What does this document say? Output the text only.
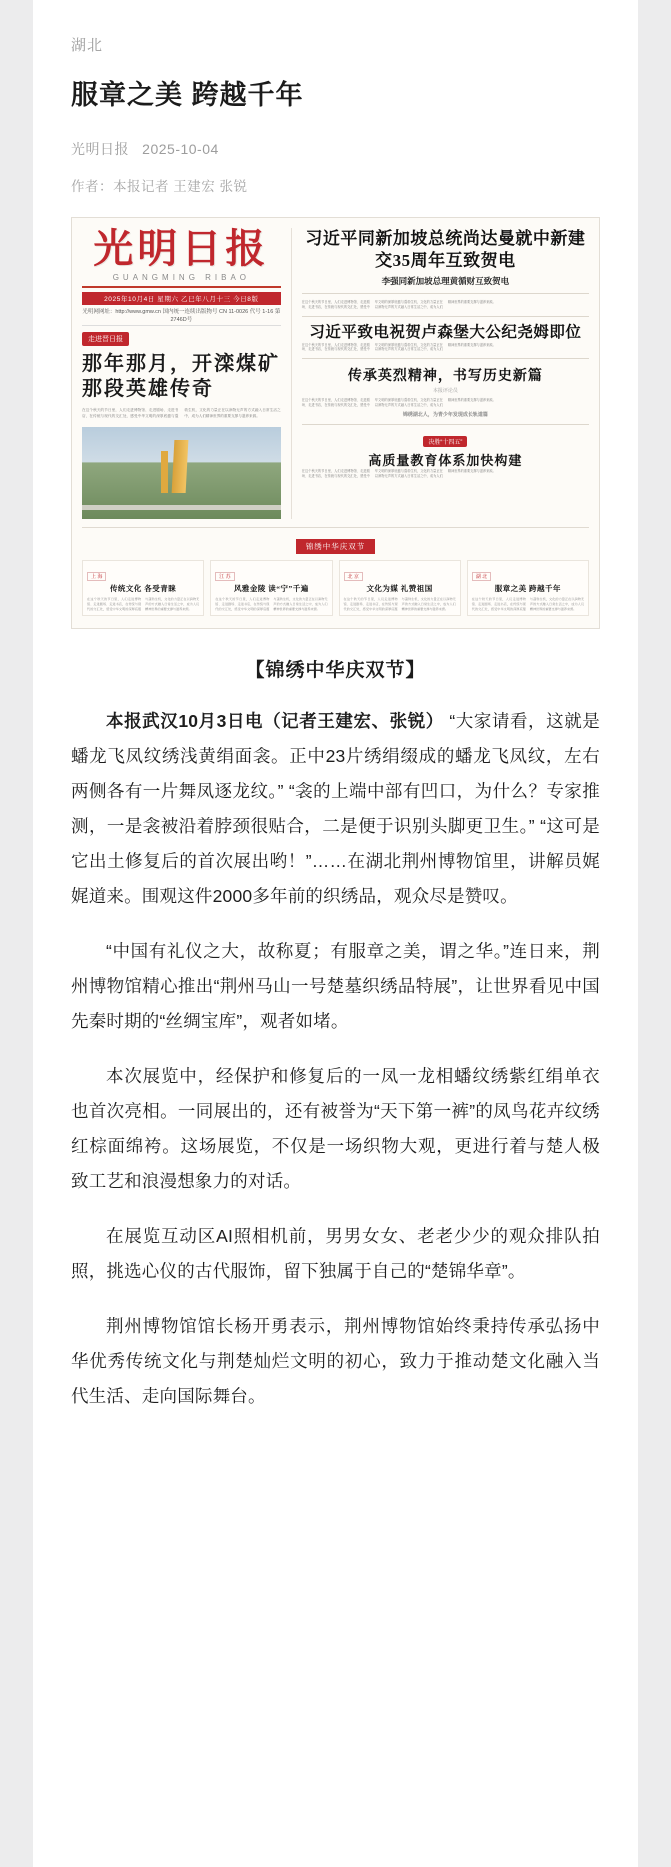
湖北
服章之美 跨越千年
光明日报 2025-10-04
作者：本报记者 王建宏 张锐
光明日报
GUANGMING RIBAO
2025年10月4日 星期六 乙巳年八月十三 今日8版
光明网网址：http://www.gmw.cn 国内统一连续出版物号 CN 11-0026 代号 1-16 第2746D号
走进晋日报
那年那月，开滦煤矿那段英雄传奇
在这个秋天的节日里，人们走进博物馆、走进剧场、走进书店，在传统与现代的交汇处，感受中华文明的深厚底蕴与蓬勃生机，文化的力量正在以润物无声的方式融入日常生活之中，成为人们精神世界的重要支撑与滋养来源。
习近平同新加坡总统尚达曼就中新建交35周年互致贺电
李强同新加坡总理黄循财互致贺电
在这个秋天的节日里，人们走进博物馆、走进剧场、走进书店，在传统与现代的交汇处，感受中华文明的深厚底蕴与蓬勃生机，文化的力量正在以润物无声的方式融入日常生活之中，成为人们精神世界的重要支撑与滋养来源。
习近平致电祝贺卢森堡大公纪尧姆即位
在这个秋天的节日里，人们走进博物馆、走进剧场、走进书店，在传统与现代的交汇处，感受中华文明的深厚底蕴与蓬勃生机，文化的力量正在以润物无声的方式融入日常生活之中，成为人们精神世界的重要支撑与滋养来源。
传承英烈精神，书写历史新篇
本报评论员
在这个秋天的节日里，人们走进博物馆、走进剧场、走进书店，在传统与现代的交汇处，感受中华文明的深厚底蕴与蓬勃生机，文化的力量正在以润物无声的方式融入日常生活之中，成为人们精神世界的重要支撑与滋养来源。
锦绣湖北人，为青少年发现成长轨道篇
决胜“十四五”
高质量教育体系加快构建
在这个秋天的节日里，人们走进博物馆、走进剧场、走进书店，在传统与现代的交汇处，感受中华文明的深厚底蕴与蓬勃生机，文化的力量正在以润物无声的方式融入日常生活之中，成为人们精神世界的重要支撑与滋养来源。
锦绣中华庆双节
上 海
传统文化 各受青睐
在这个秋天的节日里，人们走进博物馆、走进剧场、走进书店，在传统与现代的交汇处，感受中华文明的深厚底蕴与蓬勃生机，文化的力量正在以润物无声的方式融入日常生活之中，成为人们精神世界的重要支撑与滋养来源。
江 苏
风雅金陵 读“宁”千遍
在这个秋天的节日里，人们走进博物馆、走进剧场、走进书店，在传统与现代的交汇处，感受中华文明的深厚底蕴与蓬勃生机，文化的力量正在以润物无声的方式融入日常生活之中，成为人们精神世界的重要支撑与滋养来源。
北 京
文化为媒 礼赞祖国
在这个秋天的节日里，人们走进博物馆、走进剧场、走进书店，在传统与现代的交汇处，感受中华文明的深厚底蕴与蓬勃生机，文化的力量正在以润物无声的方式融入日常生活之中，成为人们精神世界的重要支撑与滋养来源。
湖 北
服章之美 跨越千年
在这个秋天的节日里，人们走进博物馆、走进剧场、走进书店，在传统与现代的交汇处，感受中华文明的深厚底蕴与蓬勃生机，文化的力量正在以润物无声的方式融入日常生活之中，成为人们精神世界的重要支撑与滋养来源。
【锦绣中华庆双节】

本报武汉10月3日电（记者王建宏、张锐） “大家请看，这就是蟠龙飞凤纹绣浅黄绢面衾。正中23片绣绢缀成的蟠龙飞凤纹，左右两侧各有一片舞凤逐龙纹。” “衾的上端中部有凹口，为什么？专家推测，一是衾被沿着脖颈很贴合，二是便于识别头脚更卫生。” “这可是它出土修复后的首次展出哟！”……在湖北荆州博物馆里，讲解员娓娓道来。围观这件2000多年前的织绣品，观众尽是赞叹。

“中国有礼仪之大，故称夏；有服章之美，谓之华。”连日来，荆州博物馆精心推出“荆州马山一号楚墓织绣品特展”，让世界看见中国先秦时期的“丝绸宝库”，观者如堵。

本次展览中，经保护和修复后的一凤一龙相蟠纹绣紫红绢单衣也首次亮相。一同展出的，还有被誉为“天下第一裤”的凤鸟花卉纹绣红棕面绵袴。这场展览，不仅是一场织物大观，更进行着与楚人极致工艺和浪漫想象力的对话。

在展览互动区AI照相机前，男男女女、老老少少的观众排队拍照，挑选心仪的古代服饰，留下独属于自己的“楚锦华章”。

荆州博物馆馆长杨开勇表示，荆州博物馆始终秉持传承弘扬中华优秀传统文化与荆楚灿烂文明的初心，致力于推动楚文化融入当代生活、走向国际舞台。
